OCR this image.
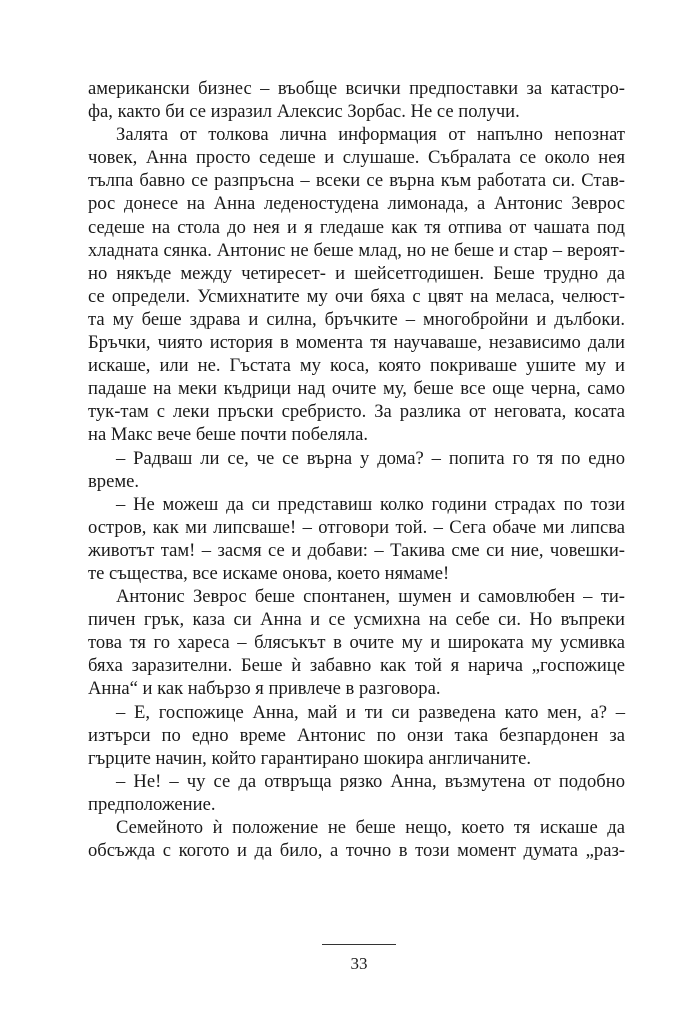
американски бизнес – въобще всички предпоставки за катастро-
фа, както би се изразил Алексис Зорбас. Не се получи.

Залята от толкова лична информация от напълно непознат
човек, Анна просто седеше и слушаше. Събралата се около нея
тълпа бавно се разпръсна – всеки се върна към работата си. Став-
рос донесе на Анна леденостудена лимонада, а Антонис Зеврос
седеше на стола до нея и я гледаше как тя отпива от чашата под
хладната сянка. Антонис не беше млад, но не беше и стар – вероят-
но някъде между четиресет- и шейсетгодишен. Беше трудно да
се определи. Усмихнатите му очи бяха с цвят на меласа, челюст-
та му беше здрава и силна, бръчките – многобройни и дълбоки.
Бръчки, чиято история в момента тя научаваше, независимо дали
искаше, или не. Гъстата му коса, която покриваше ушите му и
падаше на меки къдрици над очите му, беше все още черна, само
тук-там с леки пръски сребристо. За разлика от неговата, косата
на Макс вече беше почти побеляла.

– Радваш ли се, че се върна у дома? – попита го тя по едно
време.

– Не можеш да си представиш колко години страдах по този
остров, как ми липсваше! – отговори той. – Сега обаче ми липсва
животът там! – засмя се и добави: – Такива сме си ние, човешки-
те същества, все искаме онова, което нямаме!

Антонис Зеврос беше спонтанен, шумен и самовлюбен – ти-
пичен грък, каза си Анна и се усмихна на себе си. Но въпреки
това тя го хареса – блясъкът в очите му и широката му усмивка
бяха заразителни. Беше ѝ забавно как той я нарича „госпожице
Анна“ и как набързо я привлече в разговора.

– Е, госпожице Анна, май и ти си разведена като мен, а? –
изтърси по едно време Антонис по онзи така безпардонен за
гърците начин, който гарантирано шокира англичаните.

– Не! – чу се да отвръща рязко Анна, възмутена от подобно
предположение.

Семейното ѝ положение не беше нещо, което тя искаше да
обсъжда с когото и да било, а точно в този момент думата „раз-

33
